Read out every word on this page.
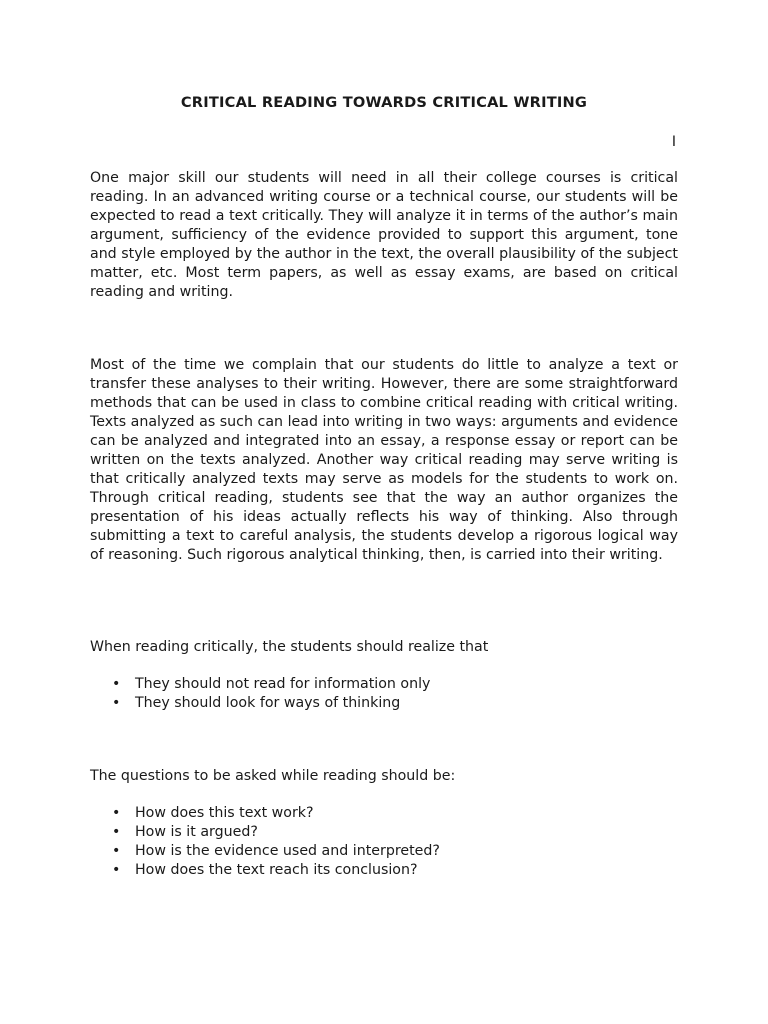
CRITICAL READING TOWARDS CRITICAL WRITING

I

One major skill our students will need in all their college courses is critical reading. In an advanced writing course or a technical course, our students will be expected to read a text critically. They will analyze it in terms of the author’s main argument, sufficiency of the evidence provided to support this argument, tone and style employed by the author in the text, the overall plausibility of the subject matter, etc. Most term papers, as well as essay exams, are based on critical reading and writing.

Most of the time we complain that our students do little to analyze a text or transfer these analyses to their writing. However, there are some straightforward methods that can be used in class to combine critical reading with critical writing. Texts analyzed as such can lead into writing in two ways: arguments and evidence can be analyzed and integrated into an essay, a response essay or report can be written on the texts analyzed. Another way critical reading may serve writing is that critically analyzed texts may serve as models for the students to work on. Through critical reading, students see that the way an author organizes the presentation of his ideas actually reflects his way of thinking. Also through submitting a text to careful analysis, the students develop a rigorous logical way of reasoning. Such rigorous analytical thinking, then, is carried into their writing.

When reading critically, the students should realize that

• They should not read for information only
• They should look for ways of thinking

The questions to be asked while reading should be:

• How does this text work?
• How is it argued?
• How is the evidence used and interpreted?
• How does the text reach its conclusion?
